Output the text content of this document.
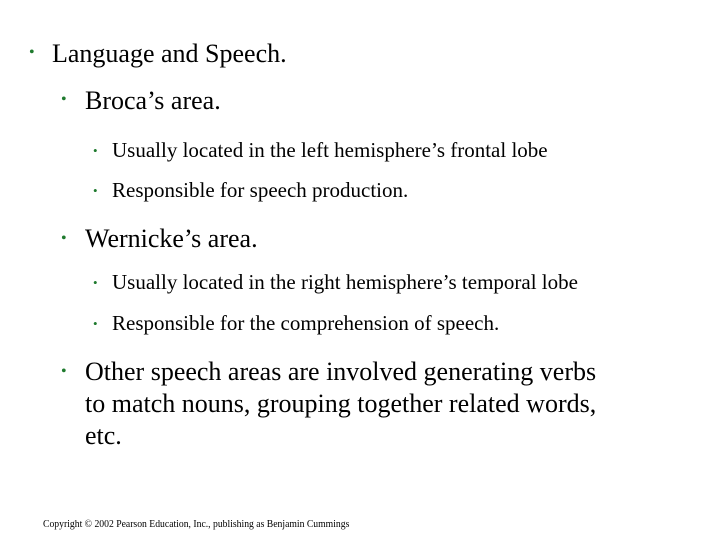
• Language and Speech.
• Broca’s area.
• Usually located in the left hemisphere’s frontal lobe
• Responsible for speech production.
• Wernicke’s area.
• Usually located in the right hemisphere’s temporal lobe
• Responsible for the comprehension of speech.
• Other speech areas are involved generating verbs
to match nouns, grouping together related words,
etc.
Copyright © 2002 Pearson Education, Inc., publishing as Benjamin Cummings
